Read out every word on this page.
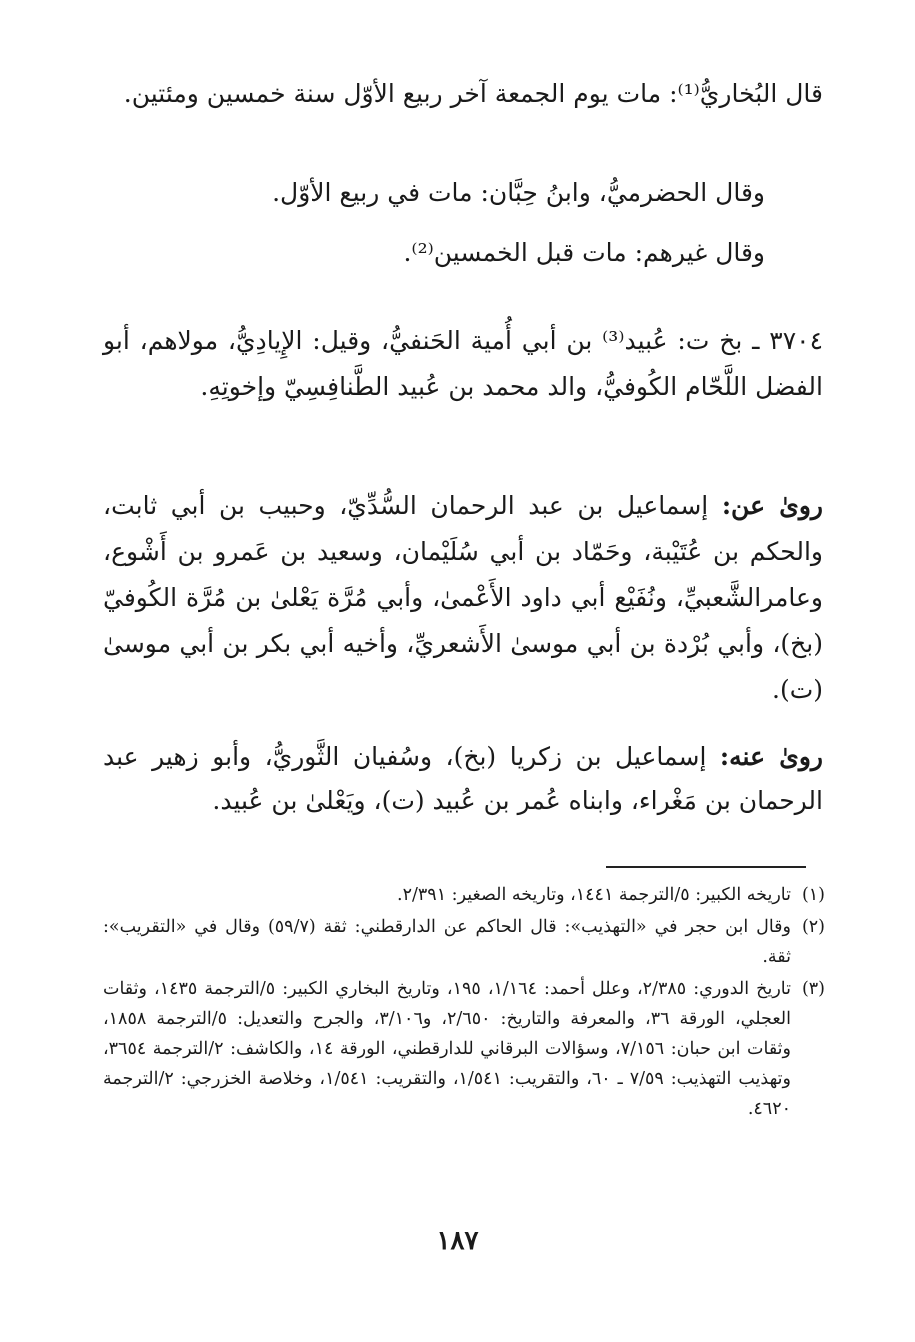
قال البُخاريُّ⁽¹⁾: مات يوم الجمعة آخر ربيع الأوّل سنة خمسين ومئتين.

وقال الحضرميُّ، وابنُ حِبَّان: مات في ربيع الأوّل.

وقال غيرهم: مات قبل الخمسين⁽²⁾.

٣٧٠٤ ـ بخ ت: عُبيد⁽³⁾ بن أبي أُمية الحَنفيُّ، وقيل: الإِيادِيُّ، مولاهم، أبو الفضل اللَّحّام الكُوفيُّ، والد محمد بن عُبيد الطَّنافِسِيّ وإخوتِهِ.

روىٰ عن: إسماعيل بن عبد الرحمان السُّدِّيّ، وحبيب بن أبي ثابت، والحكم بن عُتَيْبة، وحَمّاد بن أبي سُلَيْمان، وسعيد بن عَمرو بن أَشْوع، وعامرالشَّعبيِّ، ونُفَيْع أبي داود الأَعْمىٰ، وأبي مُرَّة يَعْلىٰ بن مُرَّة الكُوفيّ (بخ)، وأبي بُرْدة بن أبي موسىٰ الأَشعريِّ، وأخيه أبي بكر بن أبي موسىٰ (ت).

روىٰ عنه: إسماعيل بن زكريا (بخ)، وسُفيان الثَّوريُّ، وأبو زهير عبد الرحمان بن مَغْراء، وابناه عُمر بن عُبيد (ت)، ويَعْلىٰ بن عُبيد.

(١)
تاريخه الكبير: ٥/الترجمة ١٤٤١، وتاريخه الصغير: ٢/٣٩١.
(٢)
وقال ابن حجر في «التهذيب»: قال الحاكم عن الدارقطني: ثقة (٥٩/٧) وقال في «التقريب»: ثقة.
(٣)
تاريخ الدوري: ٢/٣٨٥، وعلل أحمد: ١/١٦٤، ١٩٥، وتاريخ البخاري الكبير: ٥/الترجمة ١٤٣٥، وثقات العجلي، الورقة ٣٦، والمعرفة والتاريخ: ٢/٦٥٠، و٣/١٠٦، والجرح والتعديل: ٥/الترجمة ١٨٥٨، وثقات ابن حبان: ٧/١٥٦، وسؤالات البرقاني للدارقطني، الورقة ١٤، والكاشف: ٢/الترجمة ٣٦٥٤، وتهذيب التهذيب: ٧/٥٩ ـ ٦٠، والتقريب: ١/٥٤١، والتقريب: ١/٥٤١، وخلاصة الخزرجي: ٢/الترجمة ٤٦٢٠.
١٨٧
